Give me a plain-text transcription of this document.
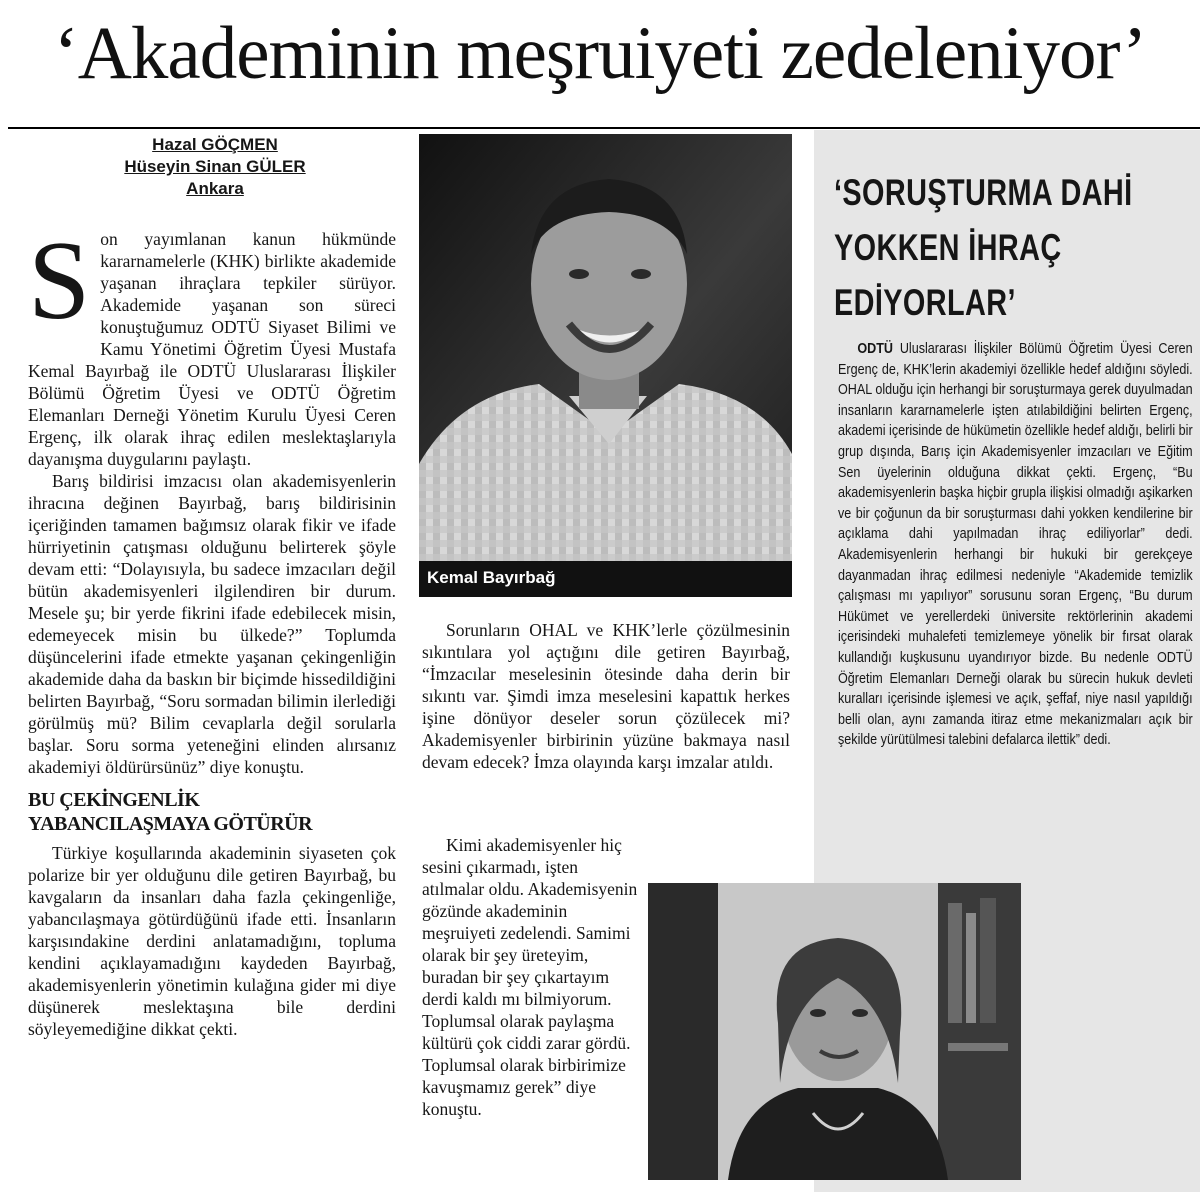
‘Akademinin meşruiyeti zedeleniyor’
Hazal GÖÇMEN
Hüseyin Sinan GÜLER
Ankara
S on yayımlanan kanun hükmünde kararnamelerle (KHK) birlikte akademide yaşanan ihraçlara tepkiler sürüyor. Akademide yaşanan son süreci konuştuğumuz ODTÜ Siyaset Bilimi ve Kamu Yönetimi Öğretim Üyesi Mustafa Kemal Bayırbağ ile ODTÜ Uluslararası İlişkiler Bölümü Öğretim Üyesi ve ODTÜ Öğretim Elemanları Derneği Yönetim Kurulu Üyesi Ceren Ergenç, ilk olarak ihraç edilen meslektaşlarıyla dayanışma duygularını paylaştı.

Barış bildirisi imzacısı olan akademisyenlerin ihracına değinen Bayırbağ, barış bildirisinin içeriğinden tamamen bağımsız olarak fikir ve ifade hürriyetinin çatışması olduğunu belirterek şöyle devam etti: “Dolayısıyla, bu sadece imzacıları değil bütün akademisyenleri ilgilendiren bir durum. Mesele şu; bir yerde fikrini ifade edebilecek misin, edemeyecek misin bu ülkede?” Toplumda düşüncelerini ifade etmekte yaşanan çekingenliğin akademide daha da baskın bir biçimde hissedildiğini belirten Bayırbağ, “Soru sormadan bilimin ilerlediği görülmüş mü? Bilim cevaplarla değil sorularla başlar. Soru sorma yeteneğini elinden alırsanız akademiyi öldürürsünüz” diye konuştu.

BU ÇEKİNGENLİK
YABANCILAŞMAYA GÖTÜRÜR

Türkiye koşullarında akademinin siyaseten çok polarize bir yer olduğunu dile getiren Bayırbağ, bu kavgaların da insanları daha fazla çekingenliğe, yabancılaşmaya götürdüğünü ifade etti. İnsanların karşısındakine derdini anlatamadığını, topluma kendini açıklayamadığını kaydeden Bayırbağ, akademisyenlerin yönetimin kulağına gider mi diye düşünerek meslektaşına bile derdini söyleyemediğine dikkat çekti.

Kemal Bayırbağ

Sorunların OHAL ve KHK’lerle çözülmesinin sıkıntılara yol açtığını dile getiren Bayırbağ, “İmzacılar meselesinin ötesinde daha derin bir sıkıntı var. Şimdi imza meselesini kapattık herkes işine dönüyor deseler sorun çözülecek mi? Akademisyenler birbirinin yüzüne bakmaya nasıl devam edecek? İmza olayında karşı imzalar atıldı.

Kimi akademisyenler hiç sesini çıkarmadı, işten atılmalar oldu. Akademisyenin gözünde akademinin meşruiyeti zedelendi. Samimi olarak bir şey üreteyim, buradan bir şey çıkartayım derdi kaldı mı bilmiyorum. Toplumsal olarak paylaşma kültürü çok ciddi zarar gördü. Toplumsal olarak birbirimize kavuşmamız gerek” diye konuştu.

‘SORUŞTURMA DAHİ
YOKKEN İHRAÇ
EDİYORLAR’

ODTÜ Uluslararası İlişkiler Bölümü Öğretim Üyesi Ceren Ergenç de, KHK’lerin akademiyi özellikle hedef aldığını söyledi. OHAL olduğu için herhangi bir soruşturmaya gerek duyulmadan insanların kararnamelerle işten atılabildiğini belirten Ergenç, akademi içerisinde de hükümetin özellikle hedef aldığı, belirli bir grup dışında, Barış için Akademisyenler imzacıları ve Eğitim Sen üyelerinin olduğuna dikkat çekti. Ergenç, “Bu akademisyenlerin başka hiçbir grupla ilişkisi olmadığı aşikarken ve bir çoğunun da bir soruşturması dahi yokken kendilerine bir açıklama dahi yapılmadan ihraç ediliyorlar” dedi. Akademisyenlerin herhangi bir hukuki bir gerekçeye dayanmadan ihraç edilmesi nedeniyle “Akademide temizlik çalışması mı yapılıyor” sorusunu soran Ergenç, “Bu durum Hükümet ve yerellerdeki üniversite rektörlerinin akademi içerisindeki muhalefeti temizlemeye yönelik bir fırsat olarak kullandığı kuşkusunu uyandırıyor bizde. Bu nedenle ODTÜ Öğretim Elemanları Derneği olarak bu sürecin hukuk devleti kuralları içerisinde işlemesi ve açık, şeffaf, niye nasıl yapıldığı belli olan, aynı zamanda itiraz etme mekanizmaları açık bir şekilde yürütülmesi talebini defalarca ilettik” dedi.
